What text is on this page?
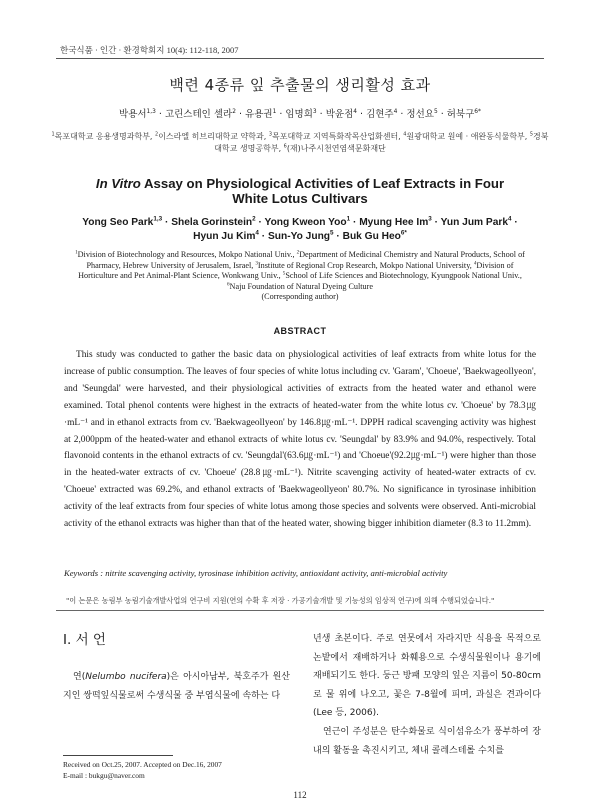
한국식품 · 인간 · 환경학회지 10(4): 112-118, 2007
백련 4종류 잎 추출물의 생리활성 효과
박용서$^{1,3}$ · 고린스테인 셀라$^2$ · 유용권$^1$ · 임명희$^3$ · 박윤점$^4$ · 김현주$^4$ · 정선요$^5$ · 허북구$^{6*}$
$^1$목포대학교 응용생명과학부, $^2$이스라엘 히브리대학교 약학과, $^3$목포대학교 지역특화작목산업화센터, $^4$원광대학교 원예 · 애완동식물학부, $^5$경북대학교 생명공학부, $^6$(재)나주시천연염색문화재단
In Vitro Assay on Physiological Activities of Leaf Extracts in Four White Lotus Cultivars
Yong Seo Park$^{1,3}$ · Shela Gorinstein$^2$ · Yong Kweon Yoo$^1$ · Myung Hee $Im^3$ · Yun Jum Park$^4$ · Hyun Ju Kim$^4$ · Sun-Yo Jung$^5$ · Buk Gu Heo$^{6*}$
$^1$Division of Biotechnology and Resources, Mokpo National Univ., $^2$Department of Medicinal Chemistry and Natural Products, School of Pharmacy, Hebrew University of Jerusalem, Israel, $^3$Institute of Regional Crop Research, Mokpo National University, $^4$Division of Horticulture and Pet Animal-Plant Science, Wonkwang Univ., $^5$School of Life Sciences and Biotechnology, Kyungpook National Univ., $^6$Naju Foundation of Natural Dyeing Culture
(Corresponding author)
ABSTRACT
This study was conducted to gather the basic data on physiological activities of leaf extracts from white lotus for the increase of public consumption. The leaves of four species of white lotus including cv. 'Garam', 'Choeue', 'Baekwageollyeon', and 'Seungdal' were harvested, and their physiological activities of extracts from the heated water and ethanol were examined. Total phenol contents were highest in the extracts of heated-water from the white lotus cv. 'Choeue' by 78.3㎍·mL⁻¹ and in ethanol extracts from cv. 'Baekwageollyeon' by 146.8㎍·mL⁻¹. DPPH radical scavenging activity was highest at 2,000ppm of the heated-water and ethanol extracts of white lotus cv. 'Seungdal' by 83.9% and 94.0%, respectively. Total flavonoid contents in the ethanol extracts of cv. 'Seungdal'(63.6㎍·mL⁻¹) and 'Choeue'(92.2㎍·mL⁻¹) were higher than those in the heated-water extracts of cv. 'Choeue' (28.8㎍·mL⁻¹). Nitrite scavenging activity of heated-water extracts of cv. 'Choeue' extracted was 69.2%, and ethanol extracts of 'Baekwageollyeon' 80.7%. No significance in tyrosinase inhibition activity of the leaf extracts from four species of white lotus among those species and solvents were observed. Anti-microbial activity of the ethanol extracts was higher than that of the heated water, showing bigger inhibition diameter (8.3 to 11.2mm).
Keywords : nitrite scavenging activity, tyrosinase inhibition activity, antioxidant activity, anti-microbial activity
"이 논문은 농림부 농림기술개발사업의 연구비 지원(연의 수확 후 저장 · 가공기술개발 및 기능성의 임상적 연구)에 의해 수행되었습니다."
Ⅰ. 서 언
연(Nelumbo nucifera)은 아시아남부, 북호주가 원산지인 쌍떡잎식물로써 수생식물 중 부엽식물에 속하는 다

년생 초본이다. 주로 연못에서 자라지만 식용을 목적으로 논밭에서 재배하거나 화훼용으로 수생식물원이나 용기에 재배되기도 한다. 둥근 방패 모양의 잎은 지름이 50-80cm로 물 위에 나오고, 꽃은 7-8월에 피며, 과실은 견과이다(Lee 등, 2006).

연근이 주성분은 탄수화물로 식이섬유소가 풍부하여 장내의 활동을 촉진시키고, 체내 콜레스테롤 수치를

Received on Oct.25, 2007. Accepted on Dec.16, 2007
E-mail : bukgu@naver.com
112
